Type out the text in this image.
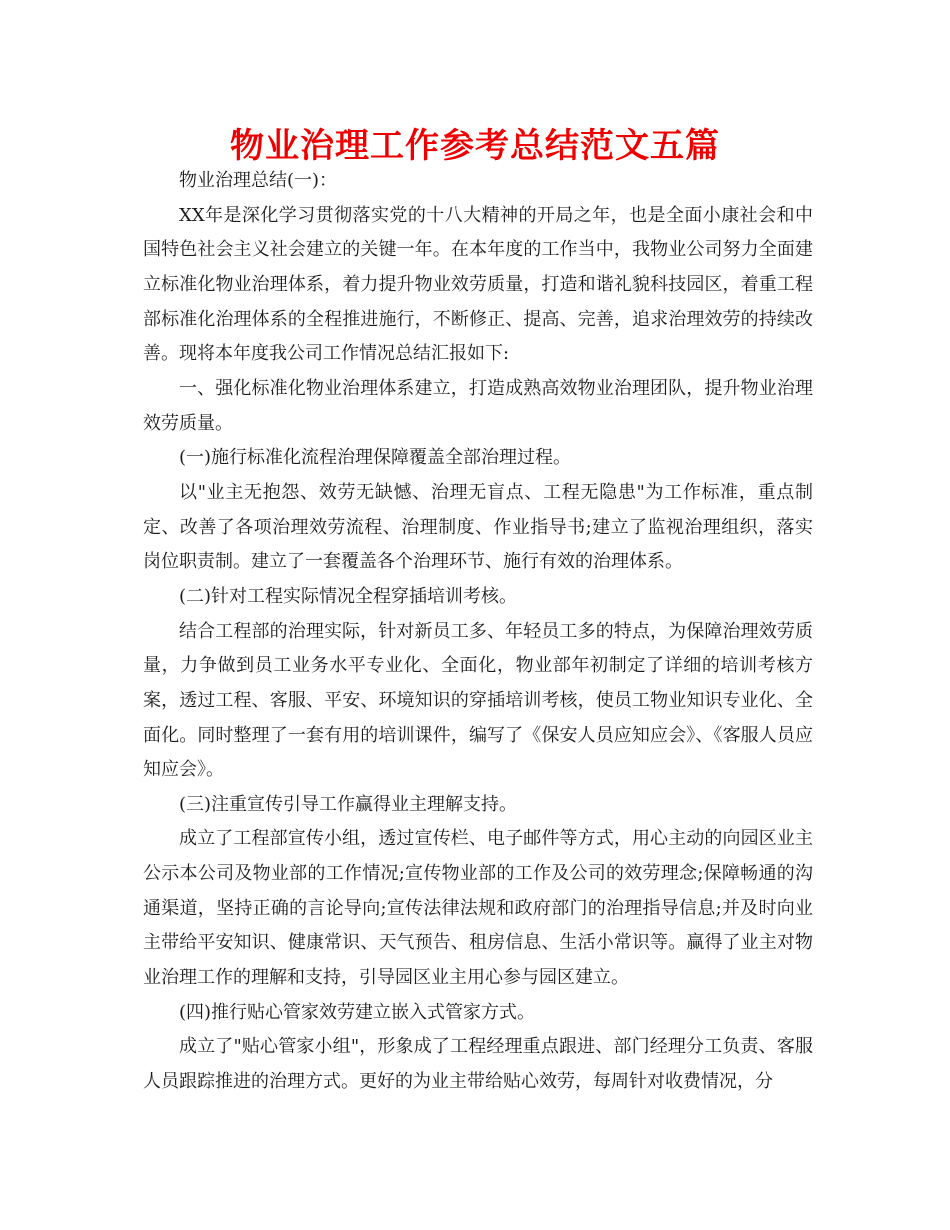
物业治理工作参考总结范文五篇

物业治理总结(一)：

XX年是深化学习贯彻落实党的十八大精神的开局之年，也是全面小康社会和中国特色社会主义社会建立的关键一年。在本年度的工作当中，我物业公司努力全面建立标准化物业治理体系，着力提升物业效劳质量，打造和谐礼貌科技园区，着重工程部标准化治理体系的全程推进施行，不断修正、提高、完善，追求治理效劳的持续改善。现将本年度我公司工作情况总结汇报如下:

一、强化标准化物业治理体系建立，打造成熟高效物业治理团队，提升物业治理效劳质量。

(一)施行标准化流程治理保障覆盖全部治理过程。

以"业主无抱怨、效劳无缺憾、治理无盲点、工程无隐患"为工作标准，重点制定、改善了各项治理效劳流程、治理制度、作业指导书;建立了监视治理组织，落实岗位职责制。建立了一套覆盖各个治理环节、施行有效的治理体系。

(二)针对工程实际情况全程穿插培训考核。

结合工程部的治理实际，针对新员工多、年轻员工多的特点，为保障治理效劳质量，力争做到员工业务水平专业化、全面化，物业部年初制定了详细的培训考核方案，透过工程、客服、平安、环境知识的穿插培训考核，使员工物业知识专业化、全面化。同时整理了一套有用的培训课件，编写了《保安人员应知应会》、《客服人员应知应会》。

(三)注重宣传引导工作赢得业主理解支持。

成立了工程部宣传小组，透过宣传栏、电子邮件等方式，用心主动的向园区业主公示本公司及物业部的工作情况;宣传物业部的工作及公司的效劳理念;保障畅通的沟通渠道，坚持正确的言论导向;宣传法律法规和政府部门的治理指导信息;并及时向业主带给平安知识、健康常识、天气预告、租房信息、生活小常识等。赢得了业主对物业治理工作的理解和支持，引导园区业主用心参与园区建立。

(四)推行贴心管家效劳建立嵌入式管家方式。

成立了"贴心管家小组"，形象成了工程经理重点跟进、部门经理分工负责、客服人员跟踪推进的治理方式。更好的为业主带给贴心效劳，每周针对收费情况，分
